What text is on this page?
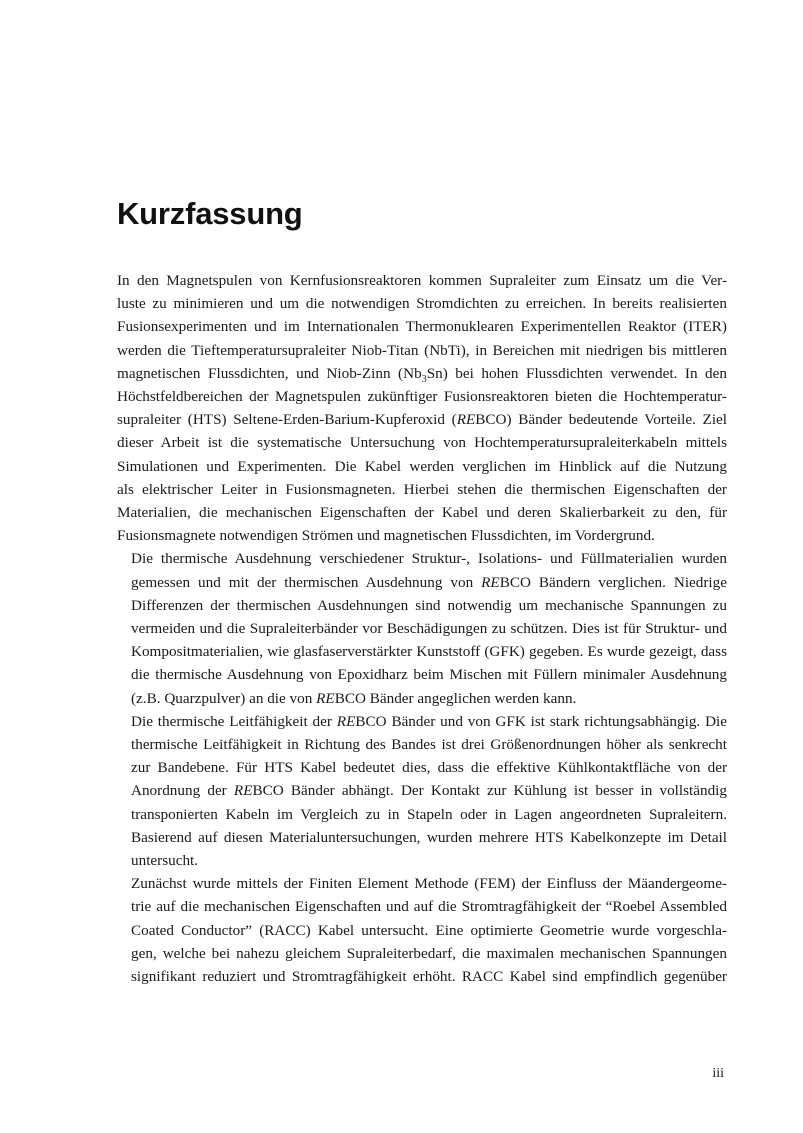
Kurzfassung

In den Magnetspulen von Kernfusionsreaktoren kommen Supraleiter zum Einsatz um die Ver-
luste zu minimieren und um die notwendigen Stromdichten zu erreichen. In bereits realisierten
Fusionsexperimenten und im Internationalen Thermonuklearen Experimentellen Reaktor (ITER)
werden die Tieftemperatursupraleiter Niob-Titan (NbTi), in Bereichen mit niedrigen bis mittleren
magnetischen Flussdichten, und Niob-Zinn $(Nb_3Sn)$ bei hohen Flussdichten verwendet. In den
Höchstfeldbereichen der Magnetspulen zukünftiger Fusionsreaktoren bieten die Hochtemperatur-
supraleiter (HTS) Seltene-Erden-Barium-Kupferoxid (REBCO) Bänder bedeutende Vorteile. Ziel
dieser Arbeit ist die systematische Untersuchung von Hochtemperatursupraleiterkabeln mittels
Simulationen und Experimenten. Die Kabel werden verglichen im Hinblick auf die Nutzung
als elektrischer Leiter in Fusionsmagneten. Hierbei stehen die thermischen Eigenschaften der
Materialien, die mechanischen Eigenschaften der Kabel und deren Skalierbarkeit zu den, für
Fusionsmagnete notwendigen Strömen und magnetischen Flussdichten, im Vordergrund.

Die thermische Ausdehnung verschiedener Struktur-, Isolations- und Füllmaterialien wurden
gemessen und mit der thermischen Ausdehnung von REBCO Bändern verglichen. Niedrige
Differenzen der thermischen Ausdehnungen sind notwendig um mechanische Spannungen zu
vermeiden und die Supraleiterbänder vor Beschädigungen zu schützen. Dies ist für Struktur- und
Kompositmaterialien, wie glasfaserverstärkter Kunststoff (GFK) gegeben. Es wurde gezeigt, dass
die thermische Ausdehnung von Epoxidharz beim Mischen mit Füllern minimaler Ausdehnung
(z.B. Quarzpulver) an die von REBCO Bänder angeglichen werden kann.

Die thermische Leitfähigkeit der REBCO Bänder und von GFK ist stark richtungsabhängig. Die
thermische Leitfähigkeit in Richtung des Bandes ist drei Größenordnungen höher als senkrecht
zur Bandebene. Für HTS Kabel bedeutet dies, dass die effektive Kühlkontaktfläche von der
Anordnung der REBCO Bänder abhängt. Der Kontakt zur Kühlung ist besser in vollständig
transponierten Kabeln im Vergleich zu in Stapeln oder in Lagen angeordneten Supraleitern.
Basierend auf diesen Materialuntersuchungen, wurden mehrere HTS Kabelkonzepte im Detail
untersucht.

Zunächst wurde mittels der Finiten Element Methode (FEM) der Einfluss der Mäandergeome-
trie auf die mechanischen Eigenschaften und auf die Stromtragfähigkeit der “Roebel Assembled
Coated Conductor” (RACC) Kabel untersucht. Eine optimierte Geometrie wurde vorgeschla-
gen, welche bei nahezu gleichem Supraleiterbedarf, die maximalen mechanischen Spannungen
signifikant reduziert und Stromtragfähigkeit erhöht. RACC Kabel sind empfindlich gegenüber

iii
